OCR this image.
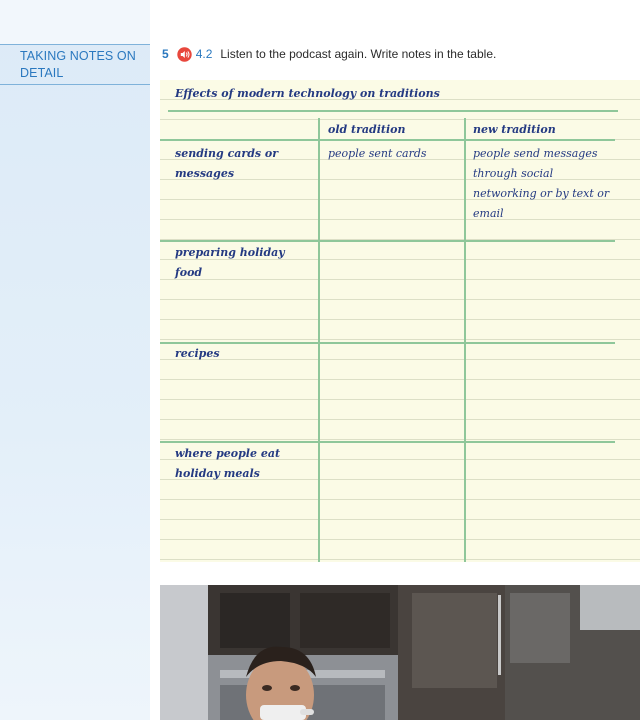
TAKING NOTES ON DETAIL
5 4.2 Listen to the podcast again. Write notes in the table.
Effects of modern technology on traditions
old tradition	new tradition
sending cards or messages
people sent cards	people send messages through social networking or by text or email
preparing holiday food
recipes
where people eat holiday meals
